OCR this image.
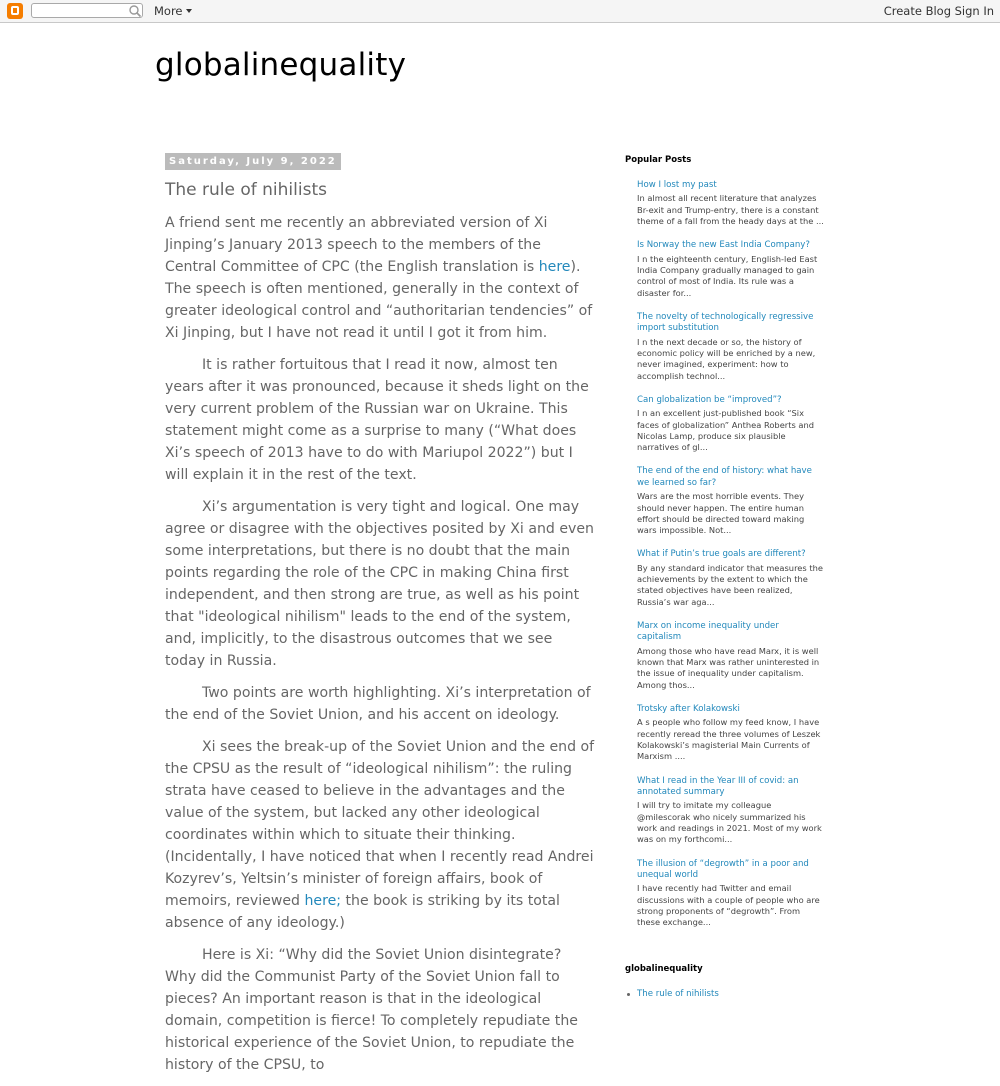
More	Create Blog Sign In
globalinequality
Saturday, July 9, 2022
The rule of nihilists

A friend sent me recently an abbreviated version of Xi Jinping’s January 2013 speech to the members of the Central Committee of CPC (the English translation is here). The speech is often mentioned, generally in the context of greater ideological control and “authoritarian tendencies” of Xi Jinping, but I have not read it until I got it from him.

It is rather fortuitous that I read it now, almost ten years after it was pronounced, because it sheds light on the very current problem of the Russian war on Ukraine. This statement might come as a surprise to many (“What does Xi’s speech of 2013 have to do with Mariupol 2022”) but I will explain it in the rest of the text.

Xi’s argumentation is very tight and logical. One may agree or disagree with the objectives posited by Xi and even some interpretations, but there is no doubt that the main points regarding the role of the CPC in making China first independent, and then strong are true, as well as his point that "ideological nihilism" leads to the end of the system, and, implicitly, to the disastrous outcomes that we see today in Russia.

Two points are worth highlighting. Xi’s interpretation of the end of the Soviet Union, and his accent on ideology.

Xi sees the break-up of the Soviet Union and the end of the CPSU as the result of “ideological nihilism”: the ruling strata have ceased to believe in the advantages and the value of the system, but lacked any other ideological coordinates within which to situate their thinking. (Incidentally, I have noticed that when I recently read Andrei Kozyrev’s, Yeltsin’s minister of foreign affairs, book of memoirs, reviewed here; the book is striking by its total absence of any ideology.)

Here is Xi: “Why did the Soviet Union disintegrate? Why did the Communist Party of the Soviet Union fall to pieces? An important reason is that in the ideological domain, competition is fierce! To completely repudiate the historical experience of the Soviet Union, to repudiate the history of the CPSU, to

Popular Posts
How I lost my past
In almost all recent literature that analyzes Br-exit and Trump-entry, there is a constant theme of a fall from the heady days at the ...
Is Norway the new East India Company?
I n the eighteenth century, English-led East India Company gradually managed to gain control of most of India. Its rule was a disaster for...
The novelty of technologically regressive import substitution
I n the next decade or so, the history of economic policy will be enriched by a new, never imagined, experiment: how to accomplish technol...
Can globalization be “improved”?
I n an excellent just-published book “Six faces of globalization” Anthea Roberts and Nicolas Lamp, produce six plausible narratives of gl...
The end of the end of history: what have we learned so far?
Wars are the most horrible events. They should never happen. The entire human effort should be directed toward making wars impossible. Not...
What if Putin’s true goals are different?
By any standard indicator that measures the achievements by the extent to which the stated objectives have been realized, Russia’s war aga...
Marx on income inequality under capitalism
Among those who have read Marx, it is well known that Marx was rather uninterested in the issue of inequality under capitalism. Among thos...
Trotsky after Kolakowski
A s people who follow my feed know, I have recently reread the three volumes of Leszek Kolakowski’s magisterial Main Currents of Marxism ....
What I read in the Year III of covid: an annotated summary
I will try to imitate my colleague @milescorak who nicely summarized his work and readings in 2021. Most of my work was on my forthcomi...
The illusion of “degrowth” in a poor and unequal world
I have recently had Twitter and email discussions with a couple of people who are strong proponents of “degrowth”. From these exchange...
globalinequality
The rule of nihilists
